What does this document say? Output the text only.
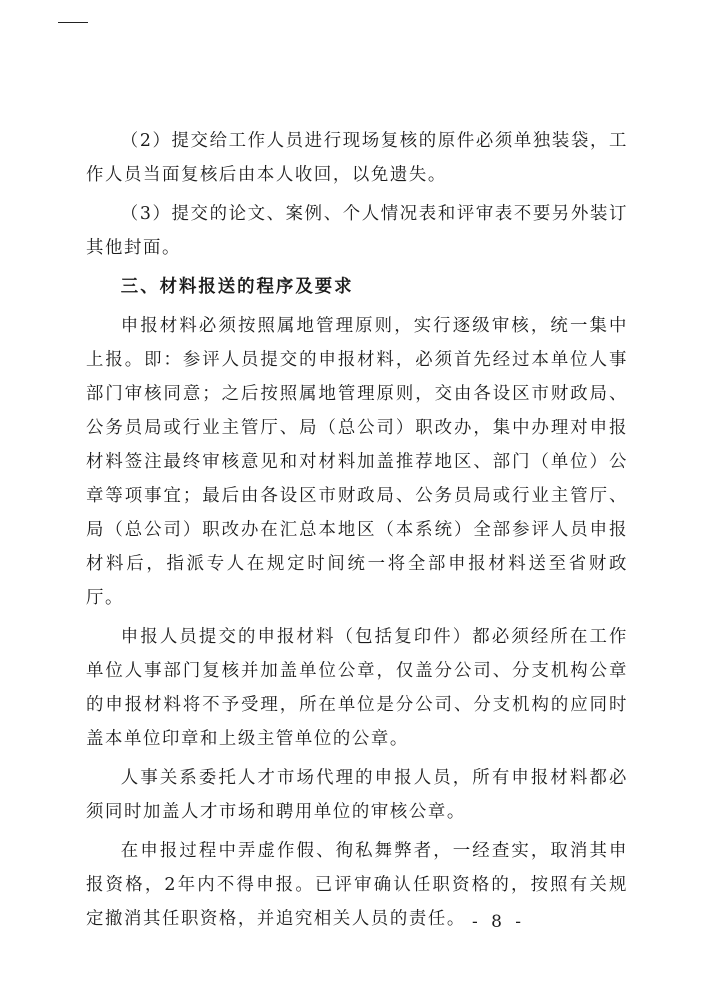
（2）提交给工作人员进行现场复核的原件必须单独装袋，工作人员当面复核后由本人收回，以免遗失。

（3）提交的论文、案例、个人情况表和评审表不要另外装订其他封面。

三、材料报送的程序及要求

申报材料必须按照属地管理原则，实行逐级审核，统一集中上报。即：参评人员提交的申报材料，必须首先经过本单位人事部门审核同意；之后按照属地管理原则，交由各设区市财政局、公务员局或行业主管厅、局（总公司）职改办，集中办理对申报材料签注最终审核意见和对材料加盖推荐地区、部门（单位）公章等项事宜；最后由各设区市财政局、公务员局或行业主管厅、局（总公司）职改办在汇总本地区（本系统）全部参评人员申报材料后，指派专人在规定时间统一将全部申报材料送至省财政厅。

申报人员提交的申报材料（包括复印件）都必须经所在工作单位人事部门复核并加盖单位公章，仅盖分公司、分支机构公章的申报材料将不予受理，所在单位是分公司、分支机构的应同时盖本单位印章和上级主管单位的公章。

人事关系委托人才市场代理的申报人员，所有申报材料都必须同时加盖人才市场和聘用单位的审核公章。

在申报过程中弄虚作假、徇私舞弊者，一经查实，取消其申报资格，2年内不得申报。已评审确认任职资格的，按照有关规定撤消其任职资格，并追究相关人员的责任。 - 8 -
